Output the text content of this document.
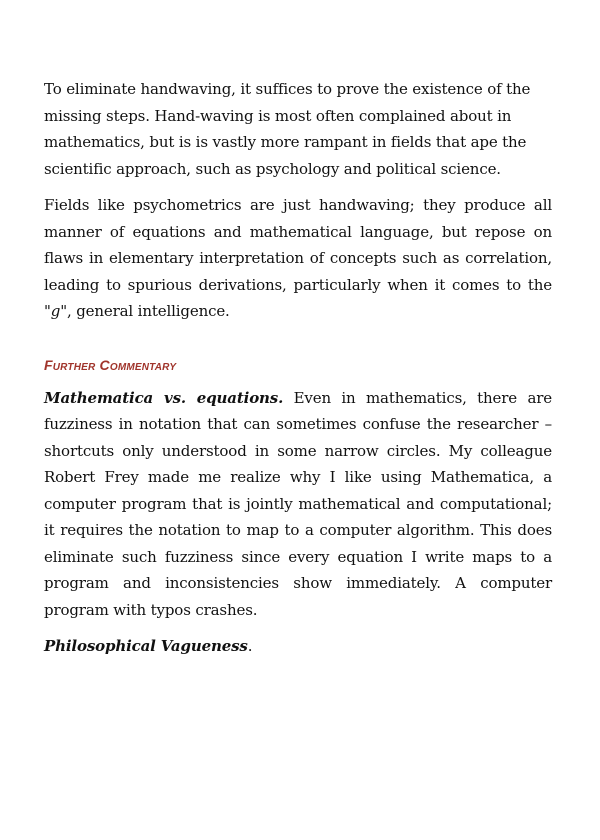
To eliminate handwaving, it suffices to prove the existence of the missing steps. Hand-waving is most often complained about in mathematics, but is is vastly more rampant in fields that ape the scientific approach, such as psychology and political science.

Fields like psychometrics are just handwaving; they produce all manner of equations and mathematical language, but repose on flaws in elementary interpretation of concepts such as correlation, leading to spurious derivations, particularly when it comes to the "g", general intelligence.

Further Commentary

Mathematica vs. equations. Even in mathematics, there are fuzziness in notation that can sometimes confuse the researcher –shortcuts only understood in some narrow circles. My colleague Robert Frey made me realize why I like using Mathematica, a computer program that is jointly mathematical and computational; it requires the notation to map to a computer algorithm. This does eliminate such fuzziness since every equation I write maps to a program and inconsistencies show immediately. A computer program with typos crashes.

Philosophical Vagueness.
